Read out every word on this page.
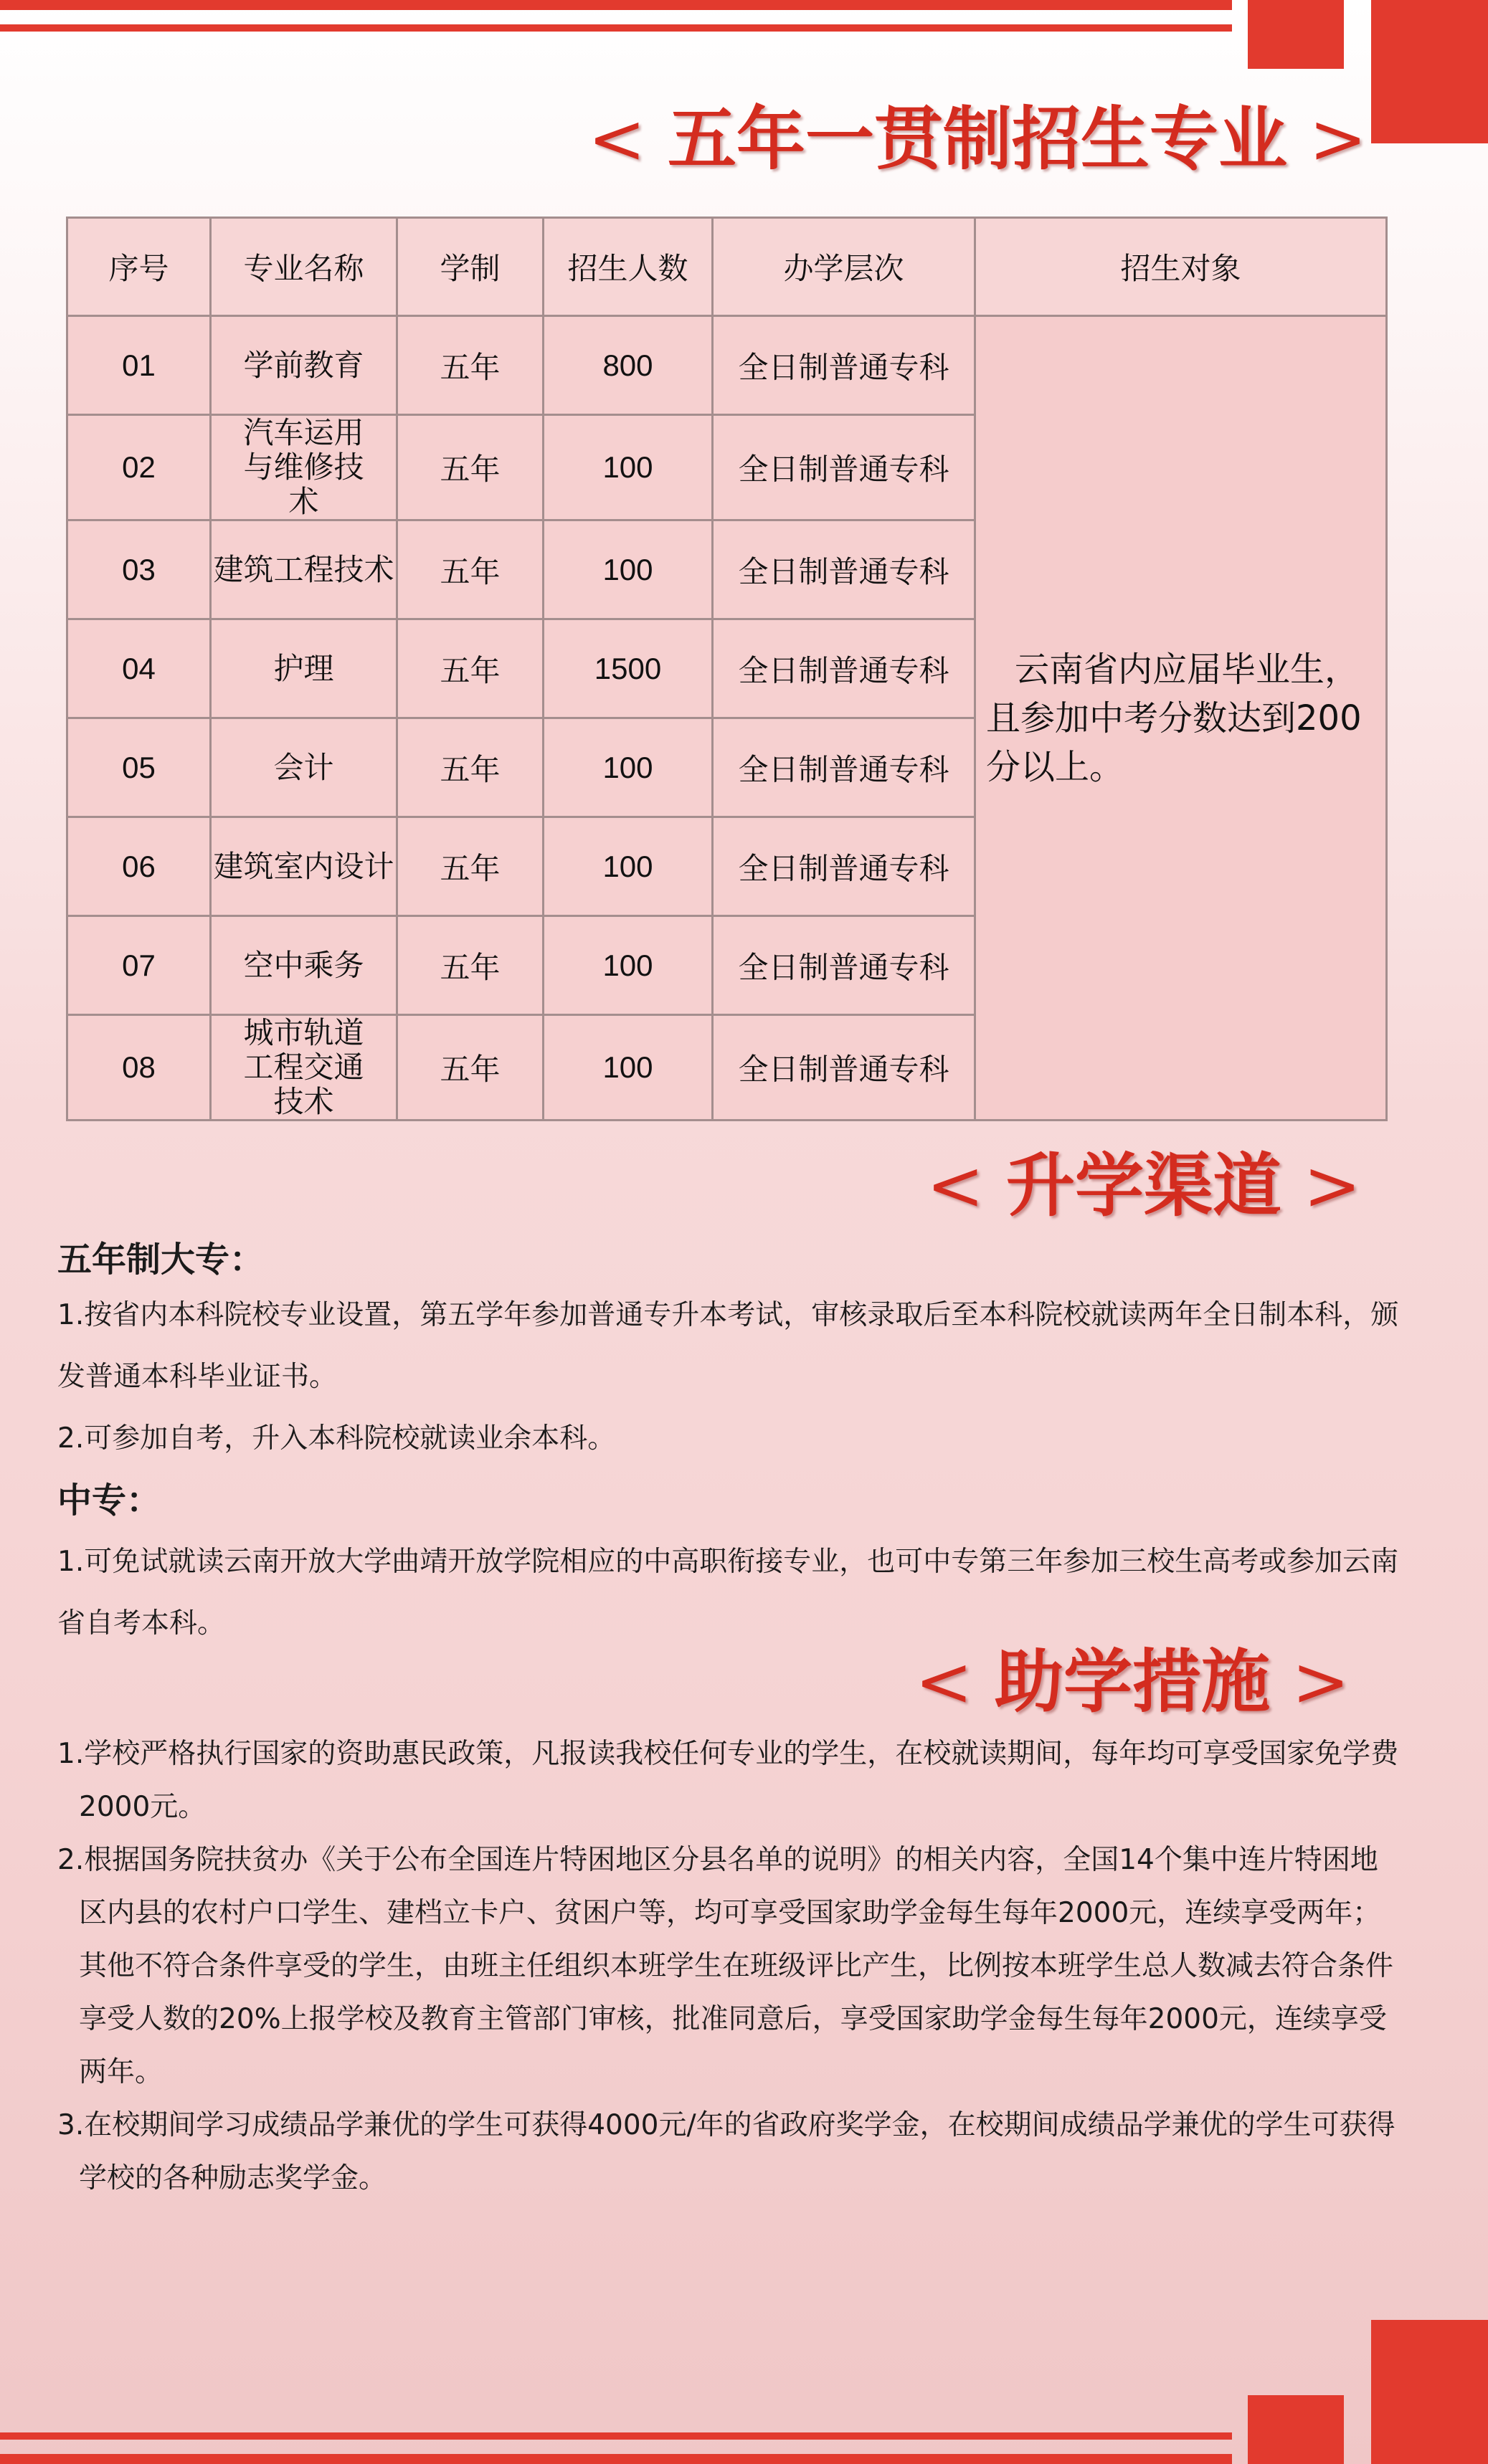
< 五年一贯制招生专业 >
序号	专业名称	学制	招生人数	办学层次	招生对象
01	学前教育	五年	800	全日制普通专科	云南省内应届毕业生，且参加中考分数达到200分以上。
02	汽车运用与维修技术	五年	100	全日制普通专科	
03	建筑工程技术	五年	100	全日制普通专科	
04	护理	五年	1500	全日制普通专科	
05	会计	五年	100	全日制普通专科	
06	建筑室内设计	五年	100	全日制普通专科	
07	空中乘务	五年	100	全日制普通专科	
08	城市轨道工程交通技术	五年	100	全日制普通专科	
< 升学渠道 >

五年制大专：

1.按省内本科院校专业设置，第五学年参加普通专升本考试，审核录取后至本科院校就读两年全日制本科，颁发普通本科毕业证书。

2.可参加自考，升入本科院校就读业余本科。

中专：

1.可免试就读云南开放大学曲靖开放学院相应的中高职衔接专业，也可中专第三年参加三校生高考或参加云南省自考本科。

< 助学措施 >

1.学校严格执行国家的资助惠民政策，凡报读我校任何专业的学生，在校就读期间，每年均可享受国家免学费2000元。

2.根据国务院扶贫办《关于公布全国连片特困地区分县名单的说明》的相关内容，全国14个集中连片特困地区内县的农村户口学生、建档立卡户、贫困户等，均可享受国家助学金每生每年2000元，连续享受两年；其他不符合条件享受的学生，由班主任组织本班学生在班级评比产生，比例按本班学生总人数减去符合条件享受人数的20%上报学校及教育主管部门审核，批准同意后，享受国家助学金每生每年2000元，连续享受两年。

3.在校期间学习成绩品学兼优的学生可获得4000元/年的省政府奖学金，在校期间成绩品学兼优的学生可获得学校的各种励志奖学金。
